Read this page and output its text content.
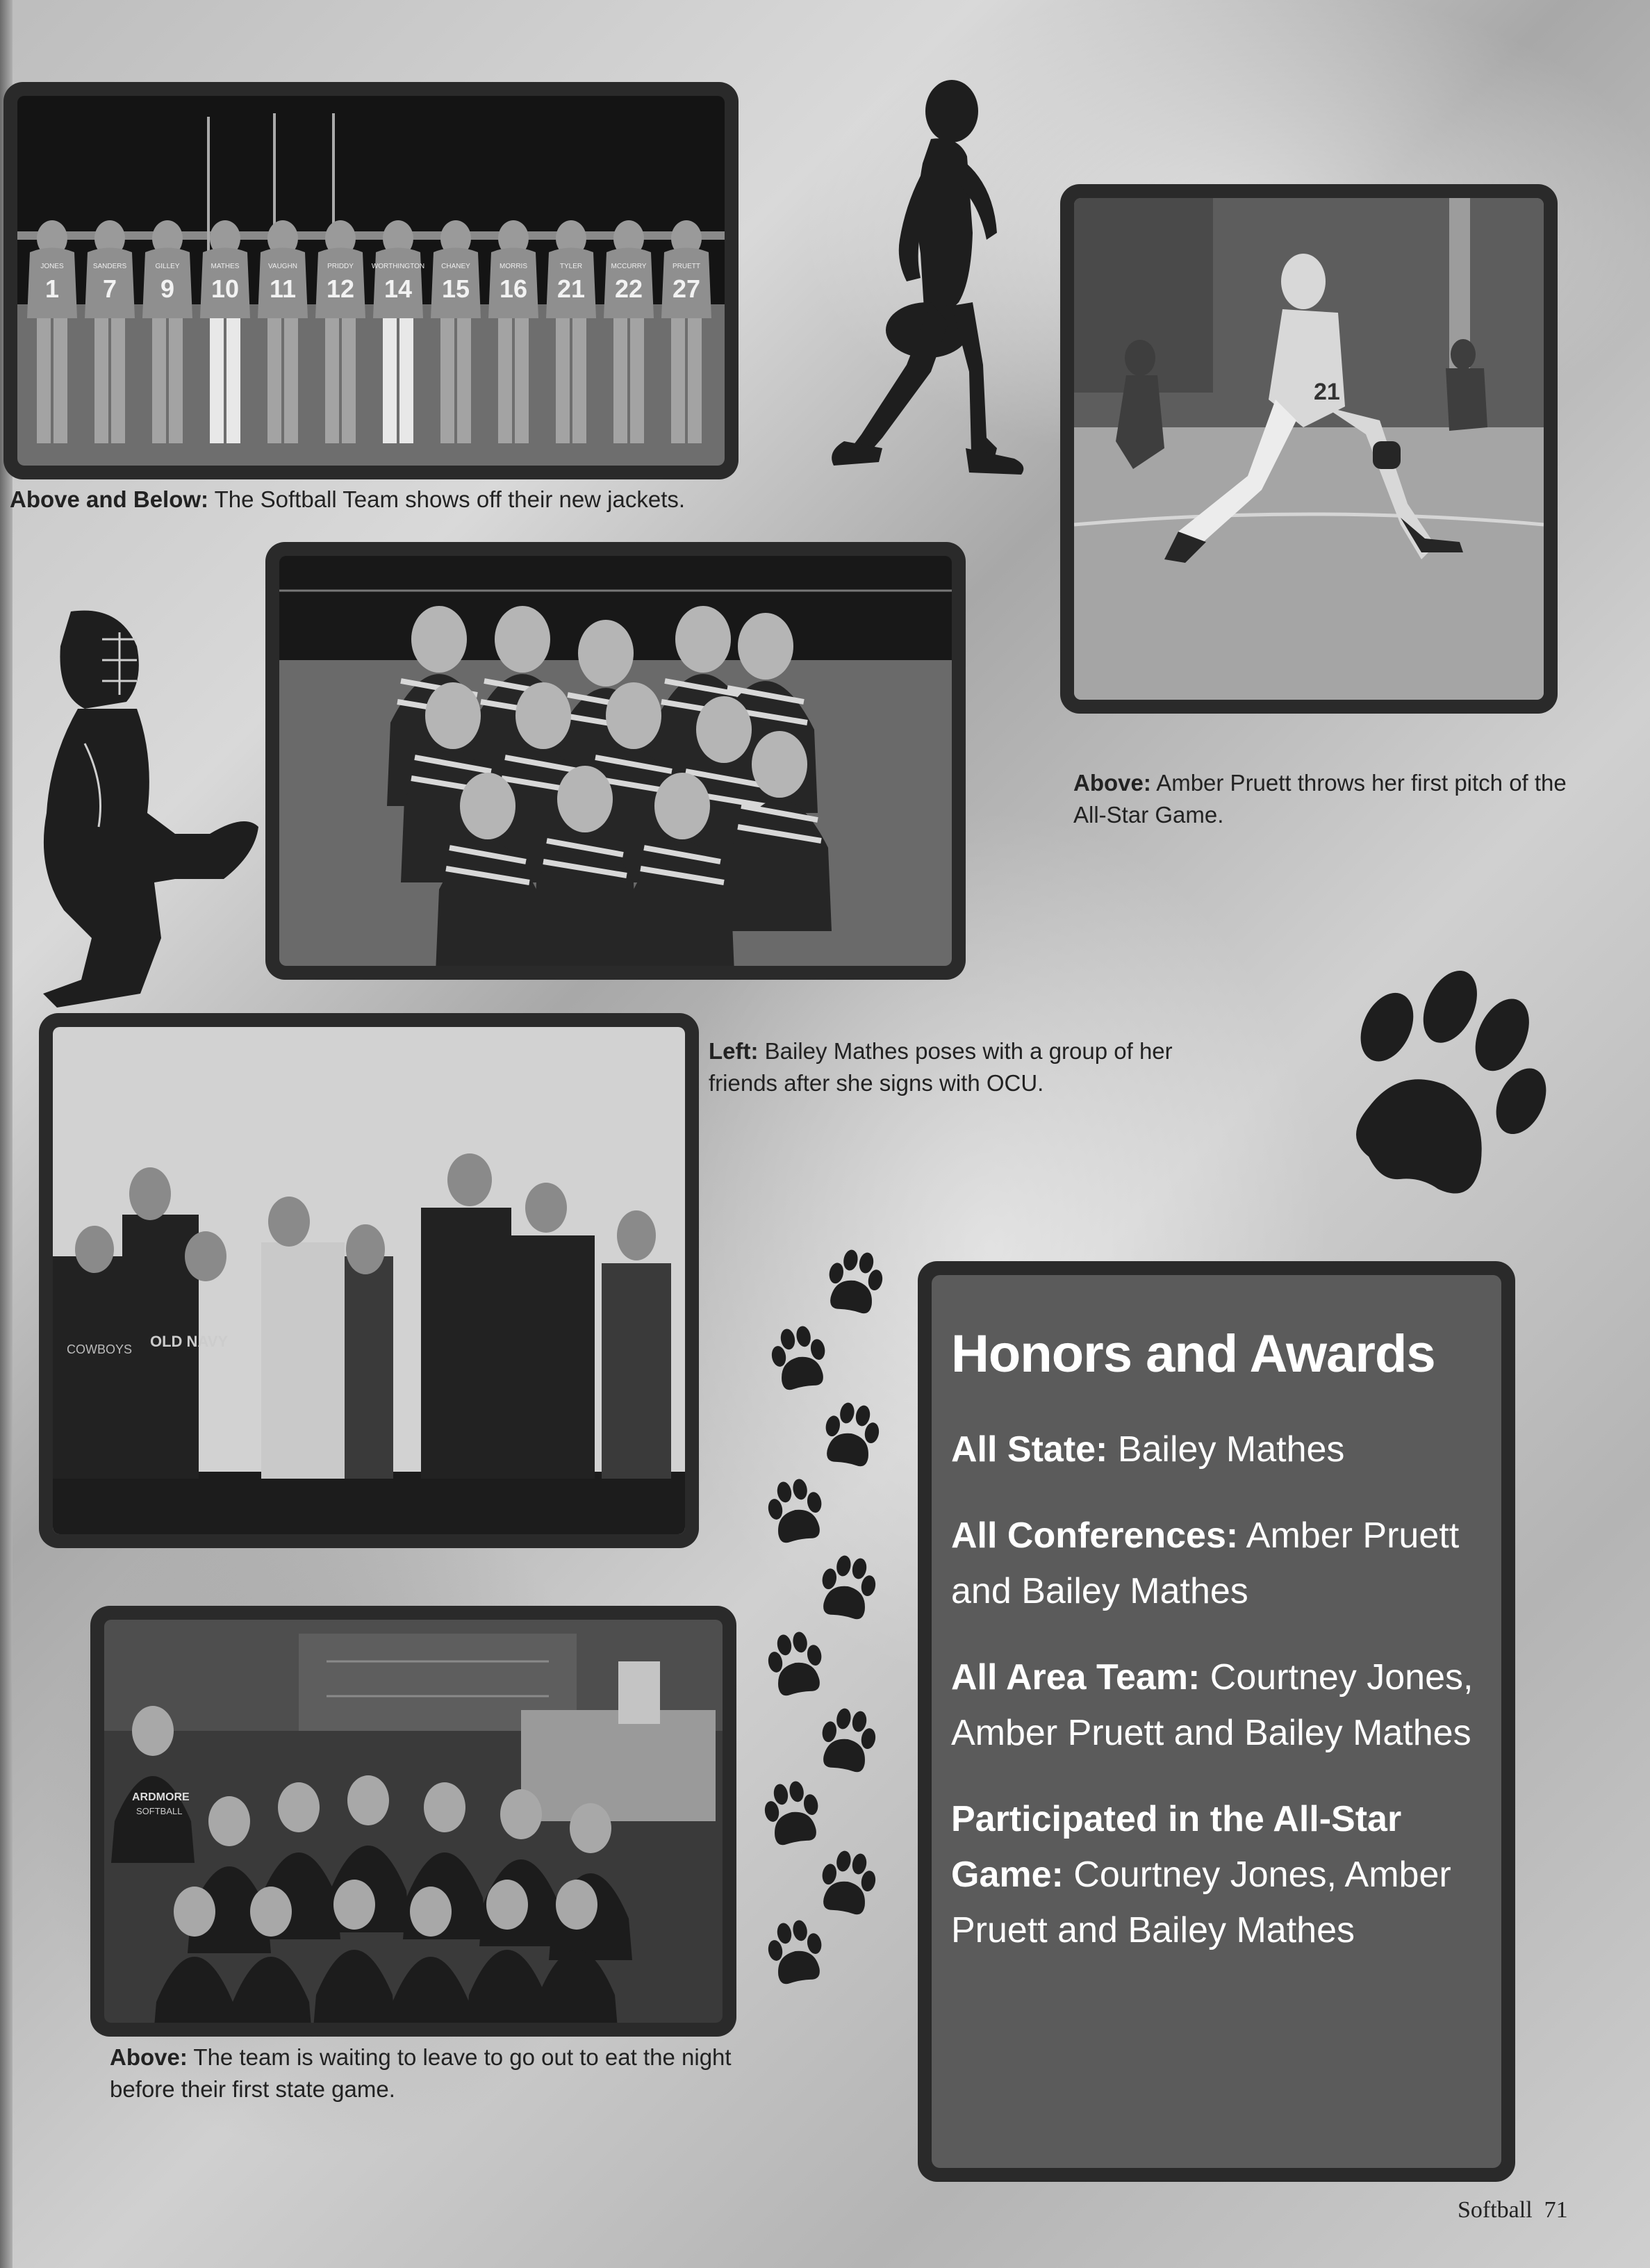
JONES
1
SANDERS
7
GILLEY
9
MATHES
10
VAUGHN
11
PRIDDY
12
WORTHINGTON
14
CHANEY
15
MORRIS
16
TYLER
21
MCCURRY
22
PRUETT
27
Above and Below: The Softball Team shows off their new jackets.
21
Above: Amber Pruett throws her first pitch of the All-Star Game.
OLD NAVY
COWBOYS
Left: Bailey Mathes poses with a group of her friends after she signs with OCU.
ARDMORE
SOFTBALL
Above: The team is waiting to leave to go out to eat the night before their first state game.
Honors and Awards
All State: Bailey Mathes
All Conferences: Amber Pruett and Bailey Mathes
All Area Team: Courtney Jones, Amber Pruett and Bailey Mathes
Participated in the All-Star Game: Courtney Jones, Amber Pruett and Bailey Mathes
Softball 71
